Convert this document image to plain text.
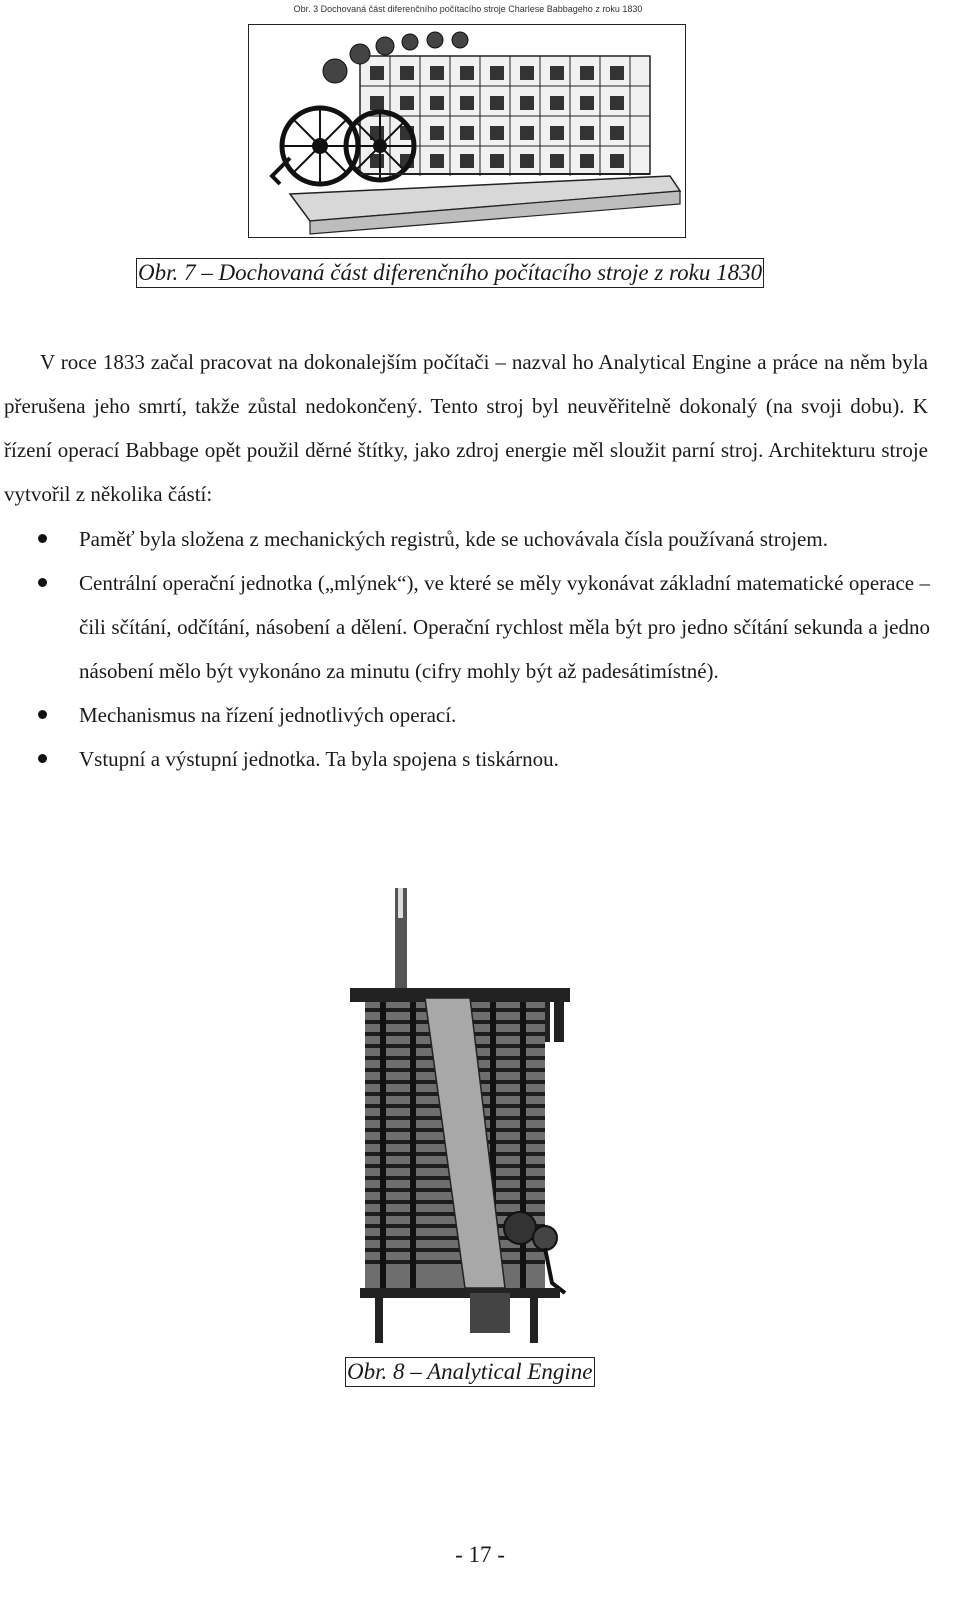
Obr. 3 Dochovaná část diferenčního počítacího stroje Charlese Babbageho z roku 1830
Obr. 7 – Dochovaná část diferenčního počítacího stroje z roku 1830
V roce 1833 začal pracovat na dokonalejším počítači – nazval ho Analytical Engine a práce na něm byla přerušena jeho smrtí, takže zůstal nedokončený. Tento stroj byl neuvěřitelně dokonalý (na svoji dobu). K řízení operací Babbage opět použil děrné štítky, jako zdroj energie měl sloužit parní stroj. Architekturu stroje vytvořil z několika částí:
Paměť byla složena z mechanických registrů, kde se uchovávala čísla používaná strojem.
Centrální operační jednotka („mlýnek“), ve které se měly vykonávat základní matematické operace – čili sčítání, odčítání, násobení a dělení. Operační rychlost měla být pro jedno sčítání sekunda a jedno násobení mělo být vykonáno za minutu (cifry mohly být až padesátimístné).
Mechanismus na řízení jednotlivých operací.
Vstupní a výstupní jednotka. Ta byla spojena s tiskárnou.
Obr. 8 – Analytical Engine
- 17 -
